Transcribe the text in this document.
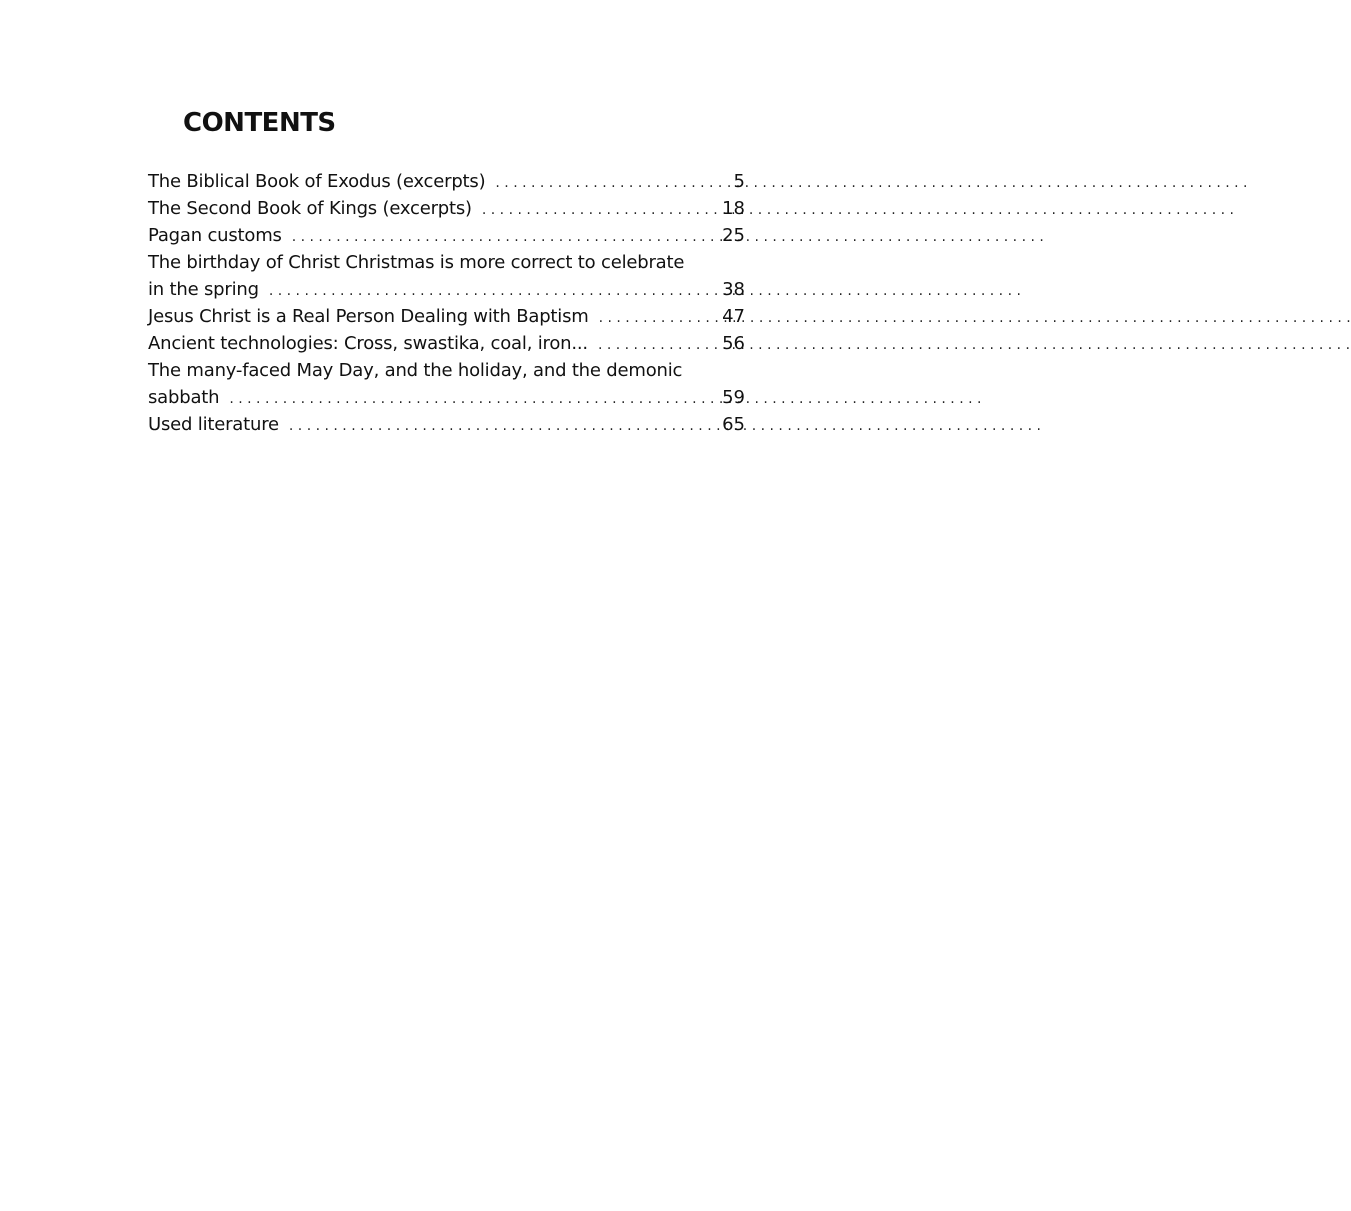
CONTENTS
The Biblical Book of Exodus (excerpts) . . .	5
The Second Book of Kings (excerpts) . . .	18
Pagan customs . . .	25
The birthday of Christ Christmas is more correct to celebrate
in the spring . . .	38
Jesus Christ is a Real Person Dealing with Baptism . . .	47
Ancient technologies: Cross, swastika, coal, iron... . . .	56
The many-faced May Day, and the holiday, and the demonic
sabbath . . .	59
Used literature . . .	65
